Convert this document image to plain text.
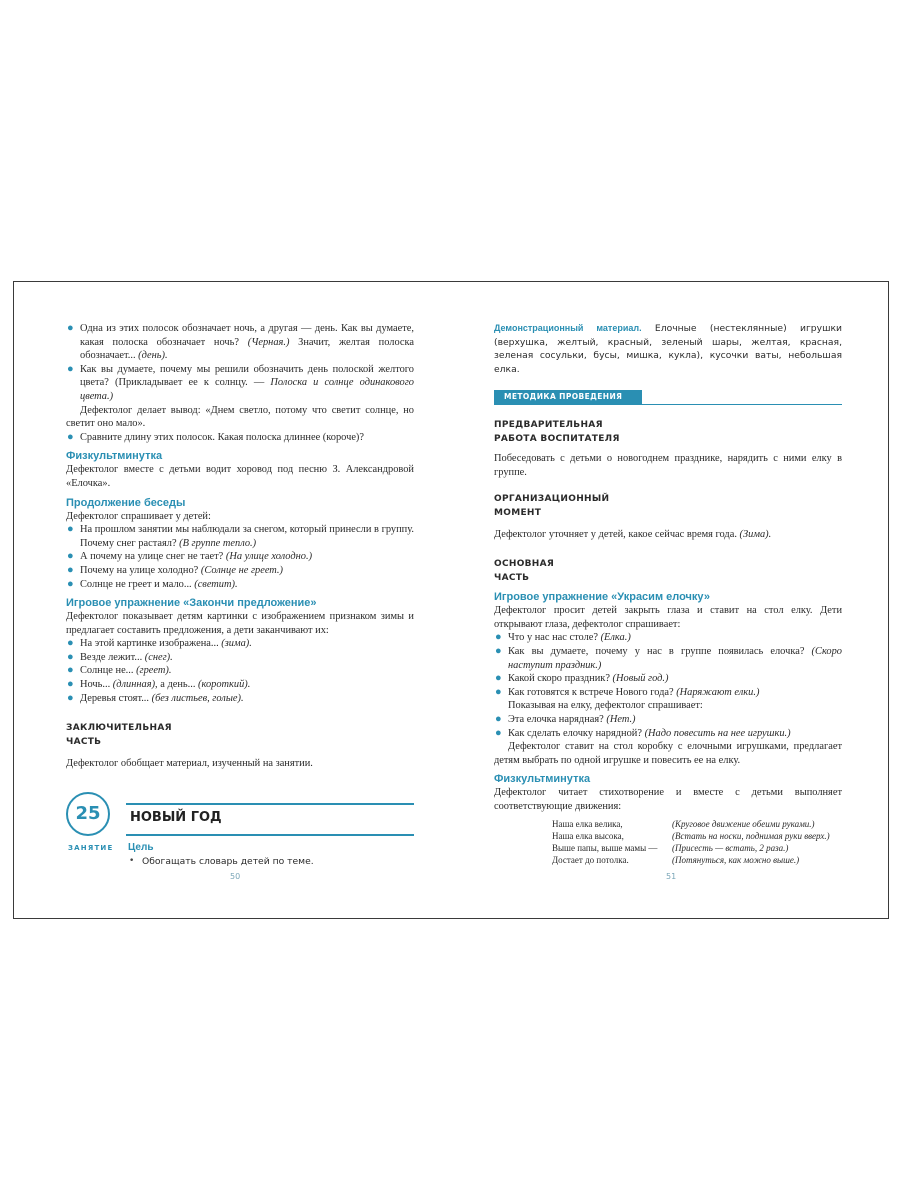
● Одна из этих полосок обозначает ночь, а другая — день. Как вы думаете, какая полоска обозначает ночь? (Черная.) Значит, желтая полоска обозначает... (день).

● Как вы думаете, почему мы решили обозначить день полоской желтого цвета? (Прикладывает ее к солнцу. — Полоска и солнце одинакового цвета.)

Дефектолог делает вывод: «Днем светло, потому что светит солнце, но светит оно мало».

● Сравните длину этих полосок. Какая полоска длиннее (короче)?

Физкультминутка

Дефектолог вместе с детьми водит хоровод под песню З. Александровой «Елочка».

Продолжение беседы

Дефектолог спрашивает у детей:

● На прошлом занятии мы наблюдали за снегом, который принесли в группу. Почему снег растаял? (В группе тепло.)

● А почему на улице снег не тает? (На улице холодно.)

● Почему на улице холодно? (Солнце не греет.)

● Солнце не греет и мало... (светит).

Игровое упражнение «Закончи предложение»

Дефектолог показывает детям картинки с изображением признаком зимы и предлагает составить предложения, а дети заканчивают их:

● На этой картинке изображена... (зима).

● Везде лежит... (снег).

● Солнце не... (греет).

● Ночь... (длинная), а день... (короткий).

● Деревья стоят... (без листьев, голые).

ЗАКЛЮЧИТЕЛЬНАЯ

ЧАСТЬ

Дефектолог обобщает материал, изученный на занятии.

25
ЗАНЯТИЕ
НОВЫЙ ГОД
Цель

• Обогащать словарь детей по теме.

50

Демонстрационный материал. Елочные (нестеклянные) игрушки (верхушка, желтый, красный, зеленый шары, желтая, красная, зеленая сосульки, бусы, мишка, кукла), кусочки ваты, небольшая елка.

МЕТОДИКА ПРОВЕДЕНИЯ

ПРЕДВАРИТЕЛЬНАЯ

РАБОТА ВОСПИТАТЕЛЯ

Побеседовать с детьми о новогоднем празднике, нарядить с ними елку в группе.

ОРГАНИЗАЦИОННЫЙ

МОМЕНТ

Дефектолог уточняет у детей, какое сейчас время года. (Зима).

ОСНОВНАЯ

ЧАСТЬ

Игровое упражнение «Украсим елочку»

Дефектолог просит детей закрыть глаза и ставит на стол елку. Дети открывают глаза, дефектолог спрашивает:

● Что у нас нас столе? (Елка.)

● Как вы думаете, почему у нас в группе появилась елочка? (Скоро наступит праздник.)

● Какой скоро праздник? (Новый год.)

● Как готовятся к встрече Нового года? (Наряжают елки.)

Показывая на елку, дефектолог спрашивает:

● Эта елочка нарядная? (Нет.)

● Как сделать елочку нарядной? (Надо повесить на нее игрушки.)

Дефектолог ставит на стол коробку с елочными игрушками, предлагает детям выбрать по одной игрушке и повесить ее на елку.

Физкультминутка

Дефектолог читает стихотворение и вместе с детьми выполняет соответствующие движения:

Наша елка велика,	(Круговое движение обеими руками.)
Наша елка высока,	(Встать на носки, поднимая руки вверх.)
Выше папы, выше мамы —	(Присесть — встать, 2 раза.)
Достает до потолка.	(Потянуться, как можно выше.)
51
